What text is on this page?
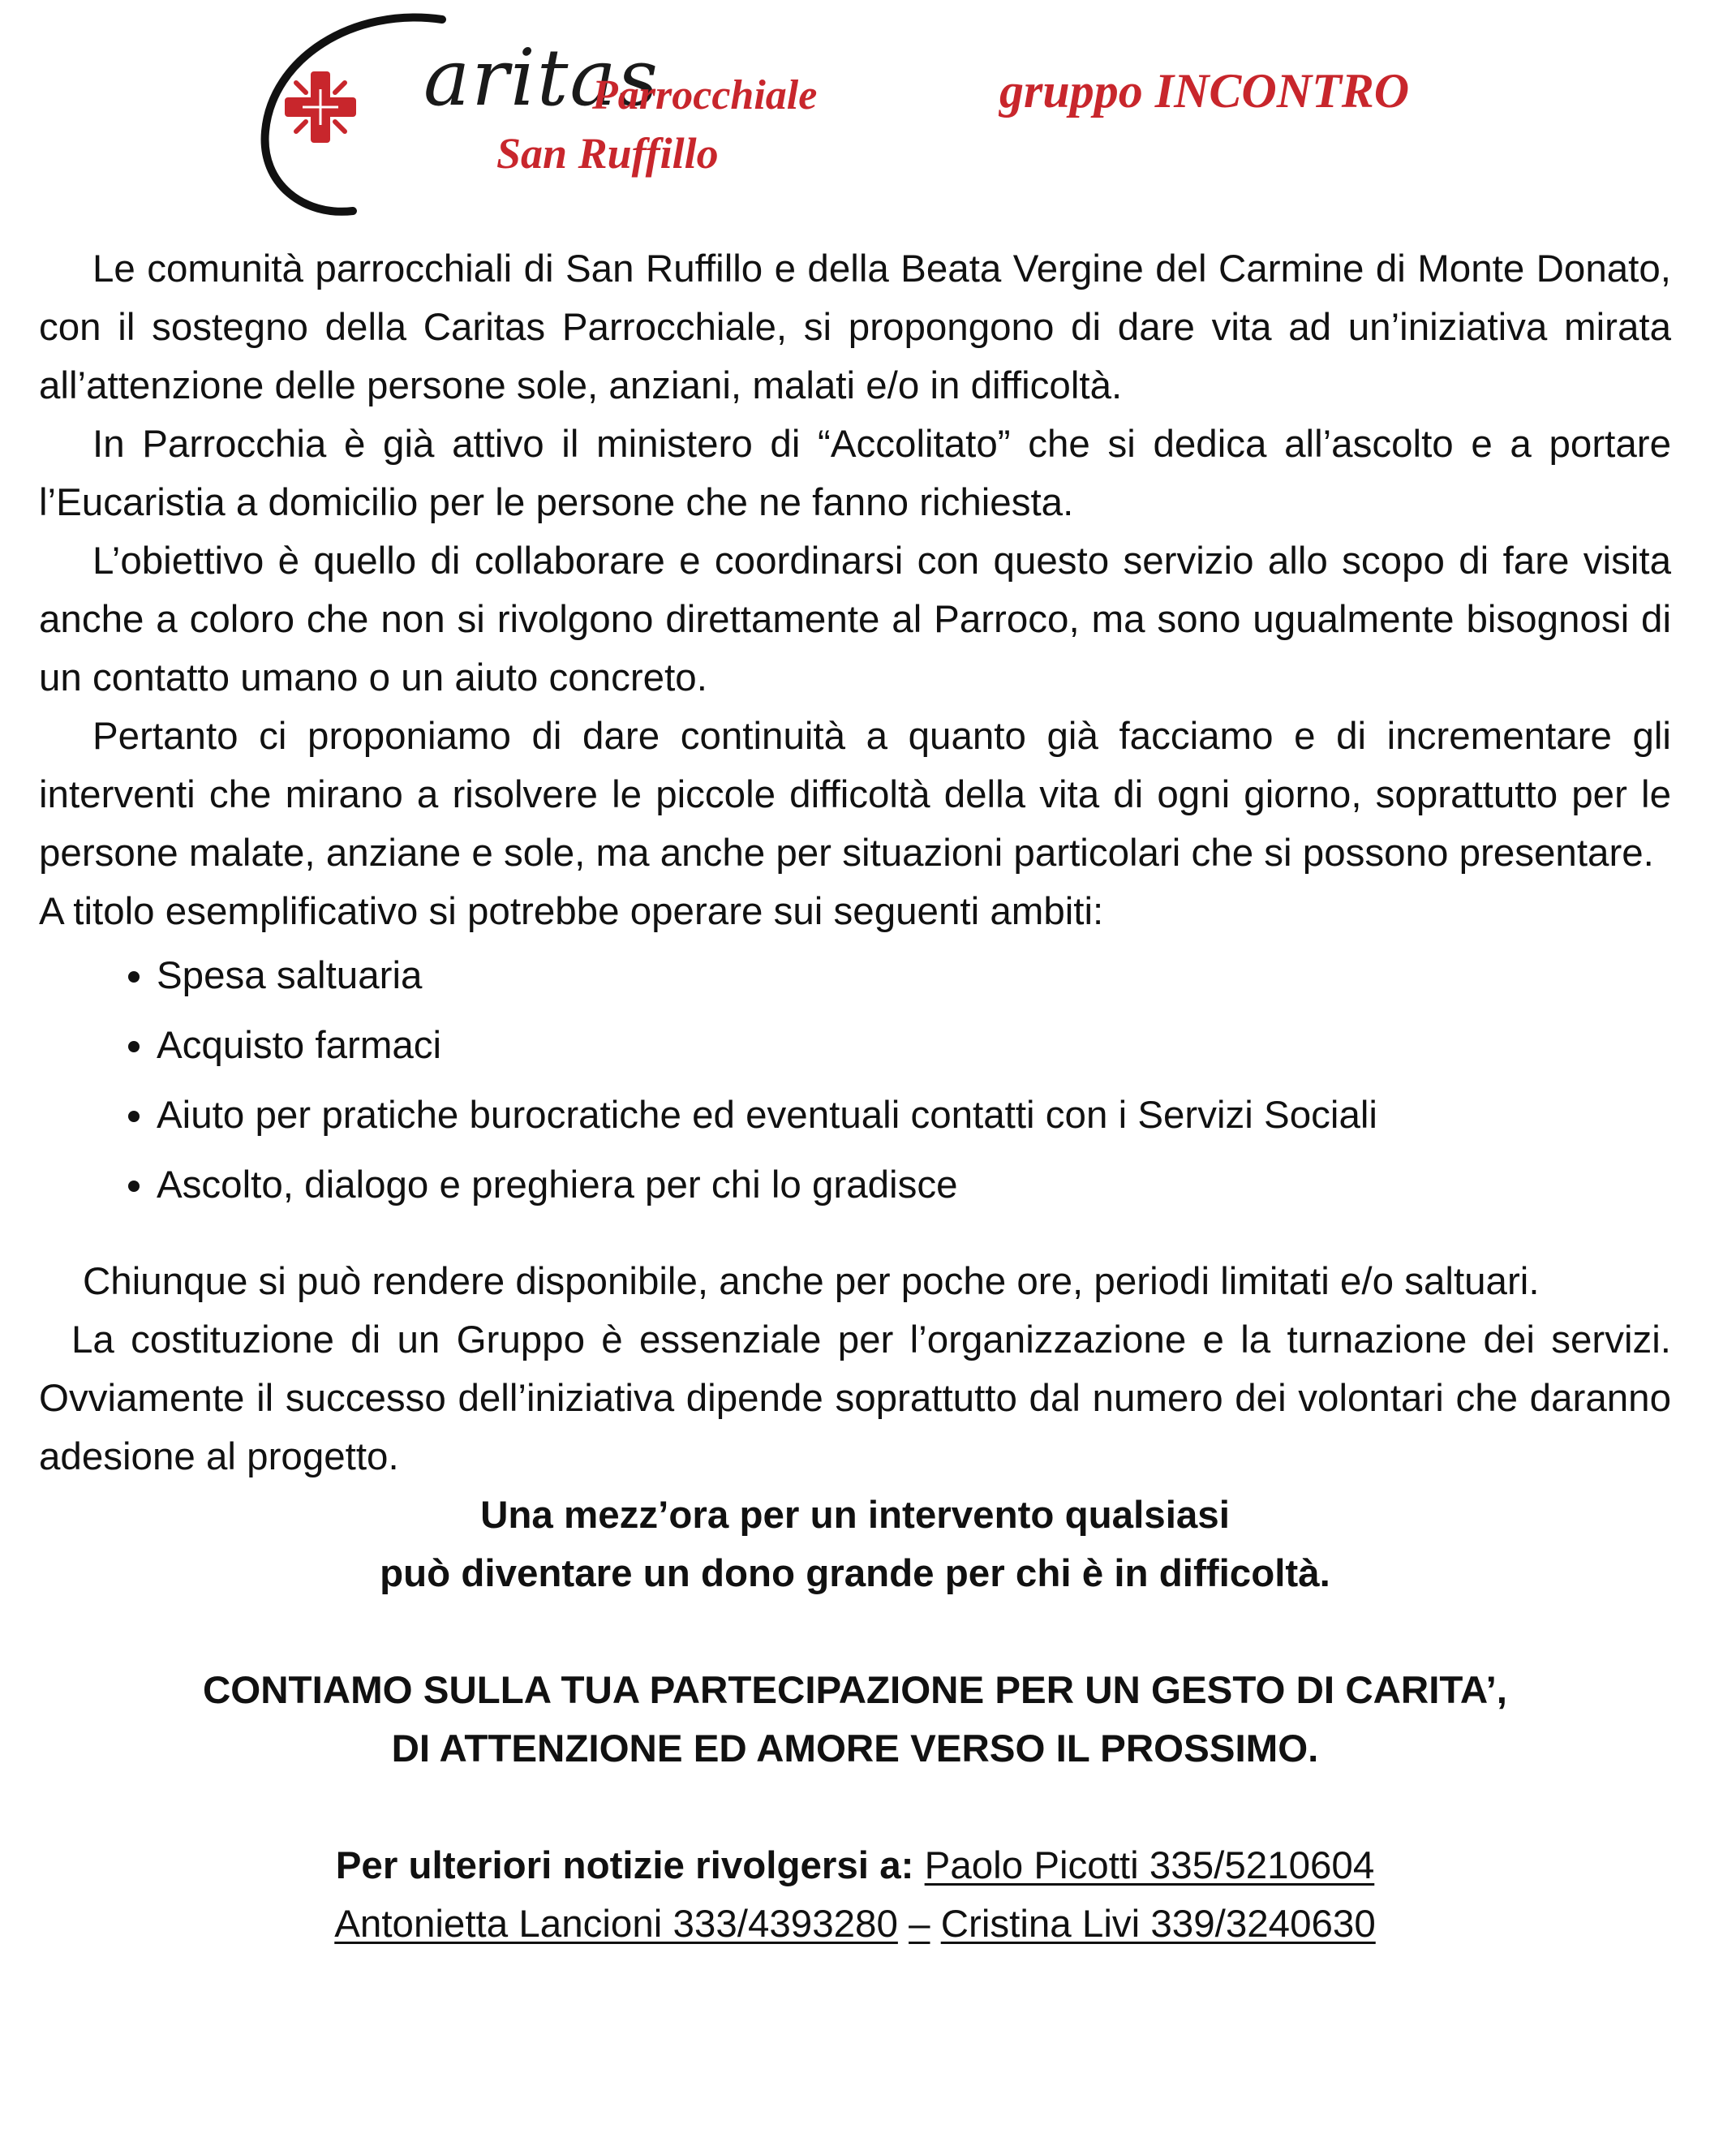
aritas
Parrocchiale
San Ruffillo
gruppo INCONTRO

Le comunità parrocchiali di San Ruffillo e della Beata Vergine del Carmine di Monte Donato, con il sostegno della Caritas Parrocchiale, si propongono di dare vita ad un’iniziativa mirata all’attenzione delle persone sole, anziani, malati e/o in difficoltà.

In Parrocchia è già attivo il ministero di “Accolitato” che si dedica all’ascolto e a portare l’Eucaristia a domicilio per le persone che ne fanno richiesta.

L’obiettivo è quello di collaborare e coordinarsi con questo servizio allo scopo di fare visita anche a coloro che non si rivolgono direttamente al Parroco, ma sono ugualmente bisognosi di un contatto umano o un aiuto concreto.

Pertanto ci proponiamo di dare continuità a quanto già facciamo e di incrementare gli interventi che mirano a risolvere le piccole difficoltà della vita di ogni giorno, soprattutto per le persone malate, anziane e sole, ma anche per situazioni particolari che si possono presentare.

A titolo esemplificativo si potrebbe operare sui seguenti ambiti:

• Spesa saltuaria
• Acquisto farmaci
• Aiuto per pratiche burocratiche ed eventuali contatti con i Servizi Sociali
• Ascolto, dialogo e preghiera per chi lo gradisce

Chiunque si può rendere disponibile, anche per poche ore, periodi limitati e/o saltuari.

La costituzione di un Gruppo è essenziale per l’organizzazione e la turnazione dei servizi. Ovviamente il successo dell’iniziativa dipende soprattutto dal numero dei volontari che daranno adesione al progetto.

Una mezz’ora per un intervento qualsiasi

può diventare un dono grande per chi è in difficoltà.

CONTIAMO SULLA TUA PARTECIPAZIONE PER UN GESTO DI CARITA’,

DI ATTENZIONE ED AMORE VERSO IL PROSSIMO.

Per ulteriori notizie rivolgersi a: Paolo Picotti 335/5210604

Antonietta Lancioni 333/4393280 – Cristina Livi 339/3240630
